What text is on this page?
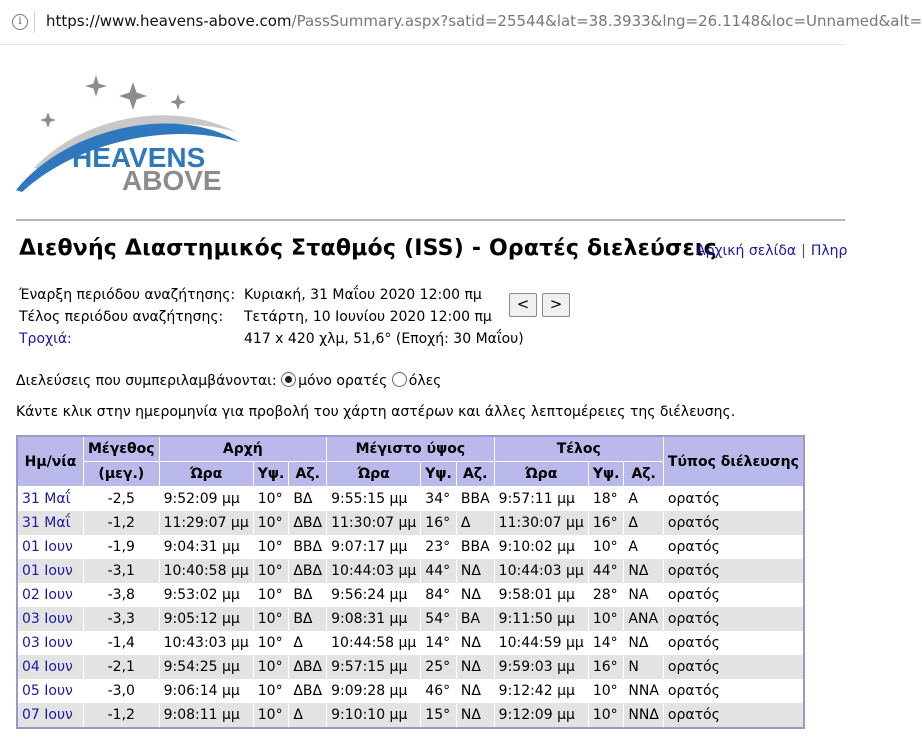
i	https://www.heavens-above.com/PassSummary.aspx?satid=25544&lat=38.3933&lng=26.1148&loc=Unnamed&alt=
HEAVENS
ABOVE
Διεθνής Διαστημικός Σταθμός (ISS) - Ορατές διελεύσεις
Αρχική σελίδα | Πληρ
Έναρξη περιόδου αναζήτησης: Κυριακή, 31 Μαΐου 2020 12:00 πμ
Τέλος περιόδου αναζήτησης: Τετάρτη, 10 Ιουνίου 2020 12:00 πμ
Τροχιά:	417 x 420 χλμ, 51,6° (Εποχή: 30 Μαΐου)
<	>
Διελεύσεις που συμπεριλαμβάνονται: μόνο ορατές όλες
Κάντε κλικ στην ημερομηνία για προβολή του χάρτη αστέρων και άλλες λεπτομέρειες της διέλευσης.
Ημ/νία	Μέγεθος	Αρχή			Μέγιστο ύψος			Τέλος			Τύπος διέλευσης
	(μεγ.)	Ώρα	Υψ.	Αζ.	Ώρα	Υψ.	Αζ.	Ώρα	Υψ.	Αζ.	
31 Μαΐ	-2,5	9:52:09 μμ	10°	ΒΔ	9:55:15 μμ	34°	ΒΒΑ	9:57:11 μμ	18°	Α	ορατός
31 Μαΐ	-1,2	11:29:07 μμ	10°	ΔΒΔ	11:30:07 μμ	16°	Δ	11:30:07 μμ	16°	Δ	ορατός
01 Ιουν	-1,9	9:04:31 μμ	10°	ΒΒΔ	9:07:17 μμ	23°	ΒΒΑ	9:10:02 μμ	10°	Α	ορατός
01 Ιουν	-3,1	10:40:58 μμ	10°	ΔΒΔ	10:44:03 μμ	44°	ΝΔ	10:44:03 μμ	44°	ΝΔ	ορατός
02 Ιουν	-3,8	9:53:02 μμ	10°	ΒΔ	9:56:24 μμ	84°	ΝΔ	9:58:01 μμ	28°	ΝΑ	ορατός
03 Ιουν	-3,3	9:05:12 μμ	10°	ΒΔ	9:08:31 μμ	54°	ΒΑ	9:11:50 μμ	10°	ΑΝΑ	ορατός
03 Ιουν	-1,4	10:43:03 μμ	10°	Δ	10:44:58 μμ	14°	ΝΔ	10:44:59 μμ	14°	ΝΔ	ορατός
04 Ιουν	-2,1	9:54:25 μμ	10°	ΔΒΔ	9:57:15 μμ	25°	ΝΔ	9:59:03 μμ	16°	Ν	ορατός
05 Ιουν	-3,0	9:06:14 μμ	10°	ΔΒΔ	9:09:28 μμ	46°	ΝΔ	9:12:42 μμ	10°	ΝΝΑ	ορατός
07 Ιουν	-1,2	9:08:11 μμ	10°	Δ	9:10:10 μμ	15°	ΝΔ	9:12:09 μμ	10°	ΝΝΔ	ορατός
